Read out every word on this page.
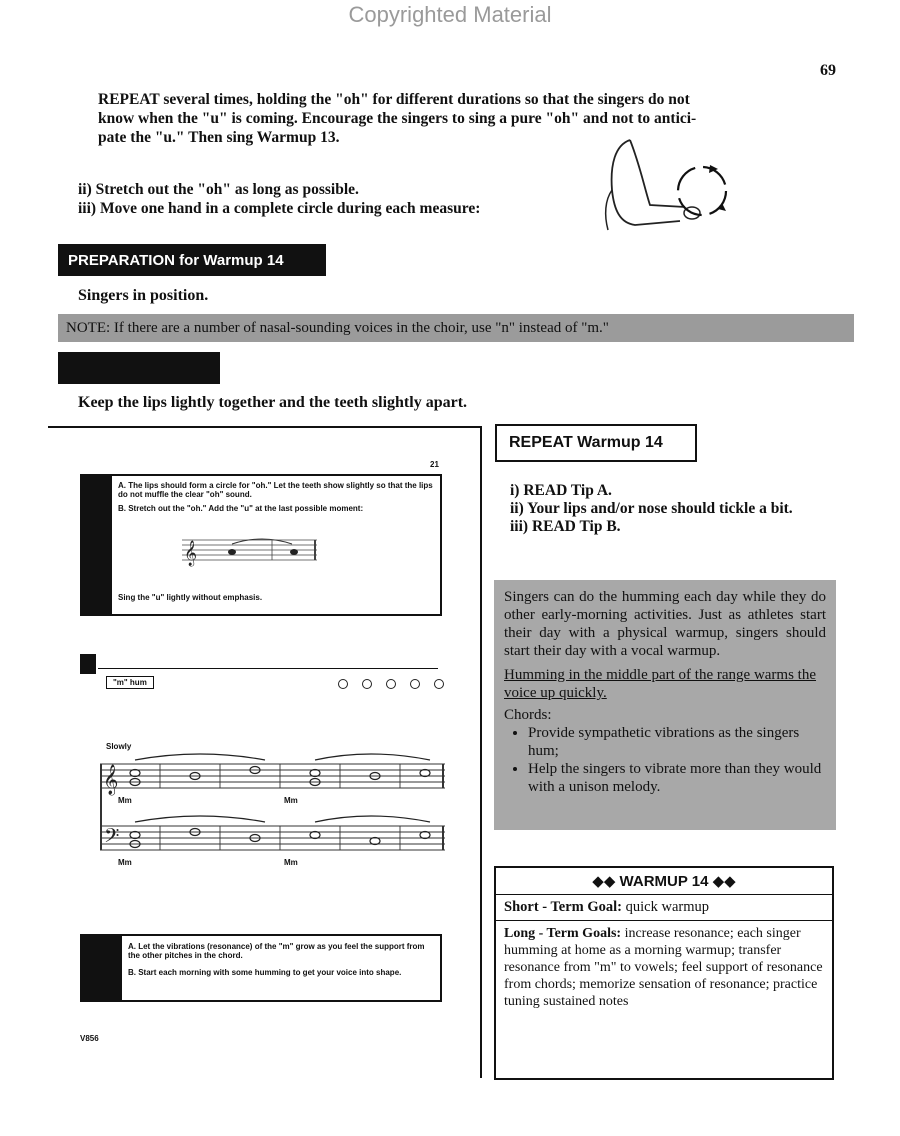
Copyrighted Material
69
REPEAT several times, holding the "oh" for different durations so that the singers do not
know when the "u" is coming. Encourage the singers to sing a pure "oh" and not to antici-
pate the "u." Then sing Warmup 13.
ii) Stretch out the "oh" as long as possible.
iii) Move one hand in a complete circle during each measure:
PREPARATION for Warmup 14
Singers in position.
NOTE: If there are a number of nasal-sounding voices in the choir, use "n" instead of "m."
Keep the lips lightly together and the teeth slightly apart.
21
A. The lips should form a circle for "oh." Let the teeth show slightly so that the lips do not muffle the clear "oh" sound.
B. Stretch out the "oh." Add the "u" at the last possible moment:
𝄞
Sing the "u" lightly without emphasis.
"m" hum
Slowly
𝄞
𝄢
Mm	Mm
Mm	Mm
A. Let the vibrations (resonance) of the "m" grow as you feel the support from the other pitches in the chord.
B. Start each morning with some humming to get your voice into shape.
V856
REPEAT Warmup 14
i) READ Tip A.
ii) Your lips and/or nose should tickle a bit.
iii) READ Tip B.
Singers can do the humming each day while they do other early-morning activities. Just as athletes start their day with a physical warmup, singers should start their day with a vocal warmup.
Humming in the middle part of the range warms the voice up quickly.
Chords:
• Provide sympathetic vibrations as the singers hum;
• Help the singers to vibrate more than they would with a unison melody.
◆◆ WARMUP 14 ◆◆
Short - Term Goal: quick warmup
Long - Term Goals: increase resonance; each singer humming at home as a morning warmup; transfer resonance from "m" to vowels; feel support of resonance from chords; memorize sensation of resonance; practice tuning sustained notes
